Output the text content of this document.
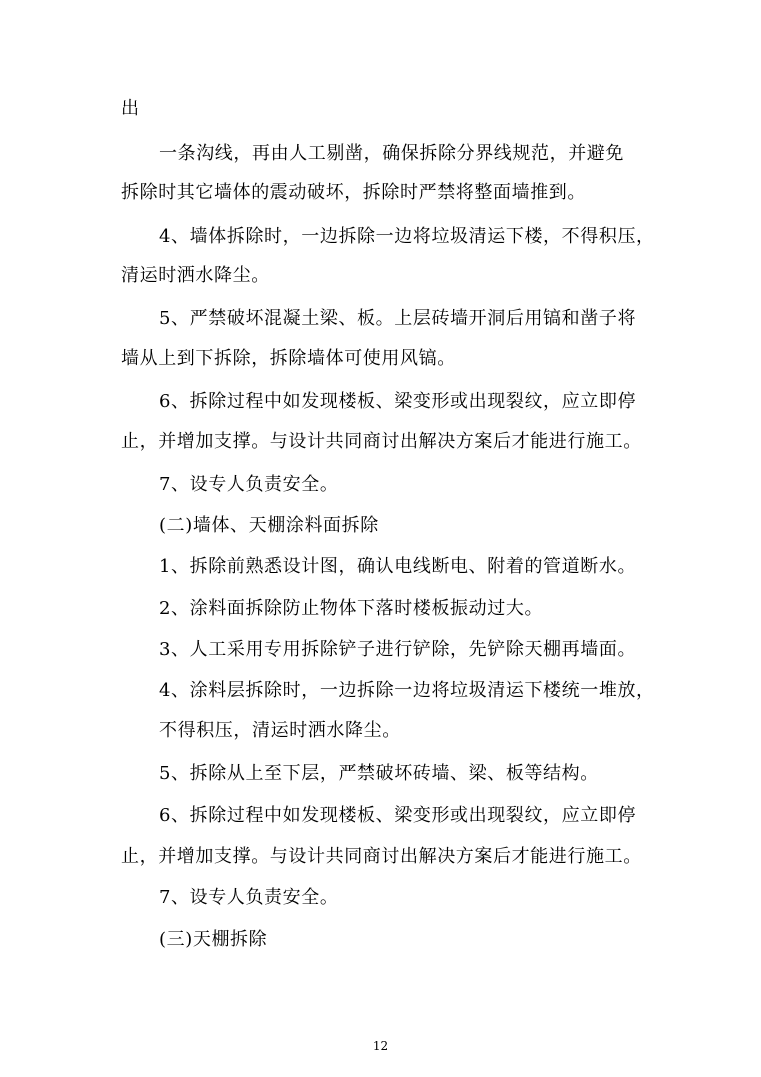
出
一条沟线，再由人工剔凿，确保拆除分界线规范，并避免
拆除时其它墙体的震动破坏，拆除时严禁将整面墙推到。
4、墙体拆除时，一边拆除一边将垃圾清运下楼，不得积压，
清运时洒水降尘。
5、严禁破坏混凝土梁、板。上层砖墙开洞后用镐和凿子将
墙从上到下拆除，拆除墙体可使用风镐。
6、拆除过程中如发现楼板、梁变形或出现裂纹，应立即停
止，并增加支撑。与设计共同商讨出解决方案后才能进行施工。
7、设专人负责安全。
(二)墙体、天棚涂料面拆除
1、拆除前熟悉设计图，确认电线断电、附着的管道断水。
2、涂料面拆除防止物体下落时楼板振动过大。
3、人工采用专用拆除铲子进行铲除，先铲除天棚再墙面。
4、涂料层拆除时，一边拆除一边将垃圾清运下楼统一堆放，
不得积压，清运时洒水降尘。
5、拆除从上至下层，严禁破坏砖墙、梁、板等结构。
6、拆除过程中如发现楼板、梁变形或出现裂纹，应立即停
止，并增加支撑。与设计共同商讨出解决方案后才能进行施工。
7、设专人负责安全。
(三)天棚拆除
12
